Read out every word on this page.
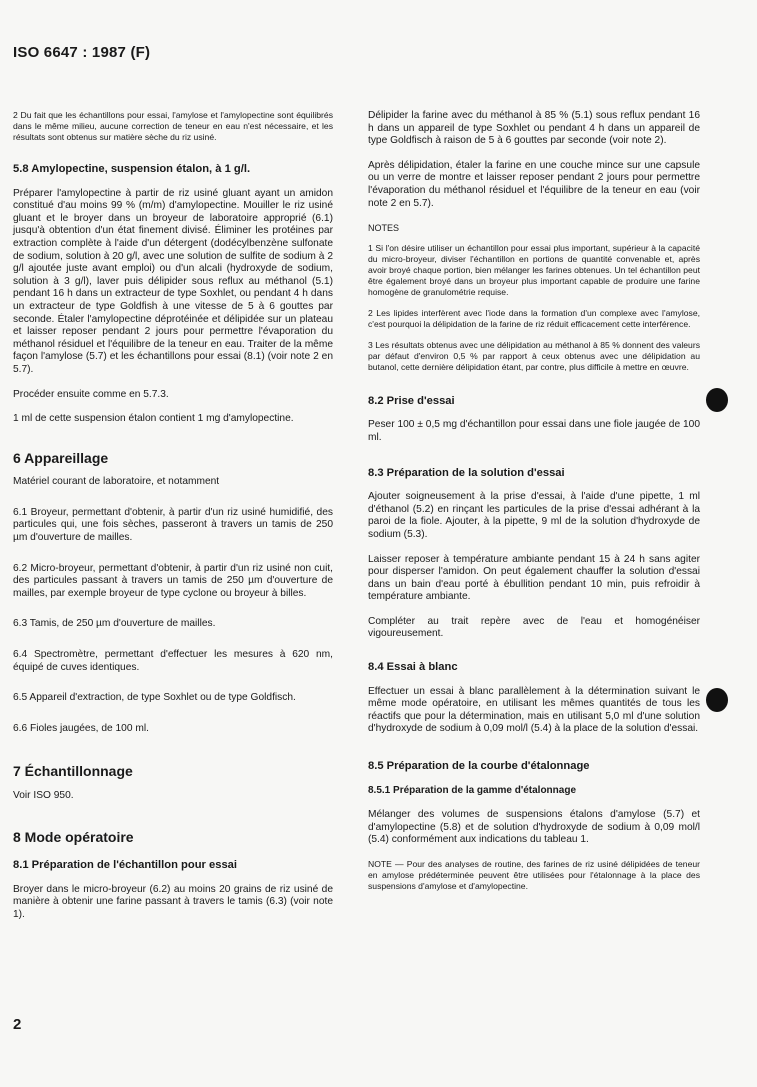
ISO 6647 : 1987 (F)

2 Du fait que les échantillons pour essai, l'amylose et l'amylopectine sont équilibrés dans le même milieu, aucune correction de teneur en eau n'est nécessaire, et les résultats sont obtenus sur matière sèche du riz usiné.

5.8 Amylopectine, suspension étalon, à 1 g/l.

Préparer l'amylopectine à partir de riz usiné gluant ayant un amidon constitué d'au moins 99 % (m/m) d'amylopectine. Mouiller le riz usiné gluant et le broyer dans un broyeur de laboratoire approprié (6.1) jusqu'à obtention d'un état finement divisé. Éliminer les protéines par extraction complète à l'aide d'un détergent (dodécylbenzène sulfonate de sodium, solution à 20 g/l, avec une solution de sulfite de sodium à 2 g/l ajoutée juste avant emploi) ou d'un alcali (hydroxyde de sodium, solution à 3 g/l), laver puis délipider sous reflux au méthanol (5.1) pendant 16 h dans un extracteur de type Soxhlet, ou pendant 4 h dans un extracteur de type Goldfish à une vitesse de 5 à 6 gouttes par seconde. Étaler l'amylopectine déprotéinée et délipidée sur un plateau et laisser reposer pendant 2 jours pour permettre l'évaporation du méthanol résiduel et l'équilibre de la teneur en eau. Traiter de la même façon l'amylose (5.7) et les échantillons pour essai (8.1) (voir note 2 en 5.7).

Procéder ensuite comme en 5.7.3.

1 ml de cette suspension étalon contient 1 mg d'amylopectine.

6 Appareillage

Matériel courant de laboratoire, et notamment

6.1 Broyeur, permettant d'obtenir, à partir d'un riz usiné humidifié, des particules qui, une fois sèches, passeront à travers un tamis de 250 µm d'ouverture de mailles.

6.2 Micro-broyeur, permettant d'obtenir, à partir d'un riz usiné non cuit, des particules passant à travers un tamis de 250 µm d'ouverture de mailles, par exemple broyeur de type cyclone ou broyeur à billes.

6.3 Tamis, de 250 µm d'ouverture de mailles.

6.4 Spectromètre, permettant d'effectuer les mesures à 620 nm, équipé de cuves identiques.

6.5 Appareil d'extraction, de type Soxhlet ou de type Goldfisch.

6.6 Fioles jaugées, de 100 ml.

7 Échantillonnage

Voir ISO 950.

8 Mode opératoire
8.1 Préparation de l'échantillon pour essai

Broyer dans le micro-broyeur (6.2) au moins 20 grains de riz usiné de manière à obtenir une farine passant à travers le tamis (6.3) (voir note 1).

Délipider la farine avec du méthanol à 85 % (5.1) sous reflux pendant 16 h dans un appareil de type Soxhlet ou pendant 4 h dans un appareil de type Goldfisch à raison de 5 à 6 gouttes par seconde (voir note 2).

Après délipidation, étaler la farine en une couche mince sur une capsule ou un verre de montre et laisser reposer pendant 2 jours pour permettre l'évaporation du méthanol résiduel et l'équilibre de la teneur en eau (voir note 2 en 5.7).

NOTES

1 Si l'on désire utiliser un échantillon pour essai plus important, supérieur à la capacité du micro-broyeur, diviser l'échantillon en portions de quantité convenable et, après avoir broyé chaque portion, bien mélanger les farines obtenues. Un tel échantillon peut être également broyé dans un broyeur plus important capable de produire une farine homogène de granulométrie requise.

2 Les lipides interfèrent avec l'iode dans la formation d'un complexe avec l'amylose, c'est pourquoi la délipidation de la farine de riz réduit efficacement cette interférence.

3 Les résultats obtenus avec une délipidation au méthanol à 85 % donnent des valeurs par défaut d'environ 0,5 % par rapport à ceux obtenus avec une délipidation au butanol, cette dernière délipidation étant, par contre, plus difficile à mettre en œuvre.

8.2 Prise d'essai

Peser 100 ± 0,5 mg d'échantillon pour essai dans une fiole jaugée de 100 ml.

8.3 Préparation de la solution d'essai

Ajouter soigneusement à la prise d'essai, à l'aide d'une pipette, 1 ml d'éthanol (5.2) en rinçant les particules de la prise d'essai adhérant à la paroi de la fiole. Ajouter, à la pipette, 9 ml de la solution d'hydroxyde de sodium (5.3).

Laisser reposer à température ambiante pendant 15 à 24 h sans agiter pour disperser l'amidon. On peut également chauffer la solution d'essai dans un bain d'eau porté à ébullition pendant 10 min, puis refroidir à température ambiante.

Compléter au trait repère avec de l'eau et homogénéiser vigoureusement.

8.4 Essai à blanc

Effectuer un essai à blanc parallèlement à la détermination suivant le même mode opératoire, en utilisant les mêmes quantités de tous les réactifs que pour la détermination, mais en utilisant 5,0 ml d'une solution d'hydroxyde de sodium à 0,09 mol/l (5.4) à la place de la solution d'essai.

8.5 Préparation de la courbe d'étalonnage
8.5.1 Préparation de la gamme d'étalonnage

Mélanger des volumes de suspensions étalons d'amylose (5.7) et d'amylopectine (5.8) et de solution d'hydroxyde de sodium à 0,09 mol/l (5.4) conformément aux indications du tableau 1.

NOTE — Pour des analyses de routine, des farines de riz usiné délipidées de teneur en amylose prédéterminée peuvent être utilisées pour l'étalonnage à la place des suspensions d'amylose et d'amylopectine.

2
